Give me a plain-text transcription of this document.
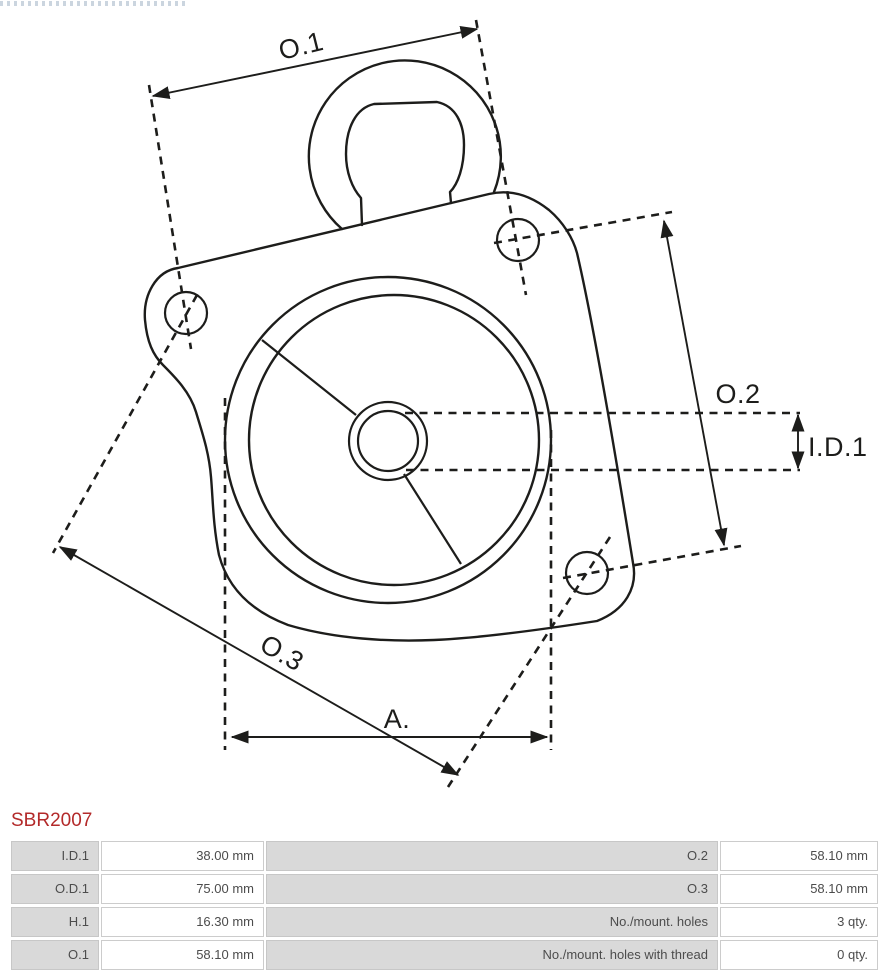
O.1
O.2
I.D.1
O.3
A.
SBR2007
I.D.1	38.00 mm	O.2	58.10 mm
O.D.1	75.00 mm	O.3	58.10 mm
H.1	16.30 mm	No./mount. holes	3 qty.
O.1	58.10 mm	No./mount. holes with thread	0 qty.
